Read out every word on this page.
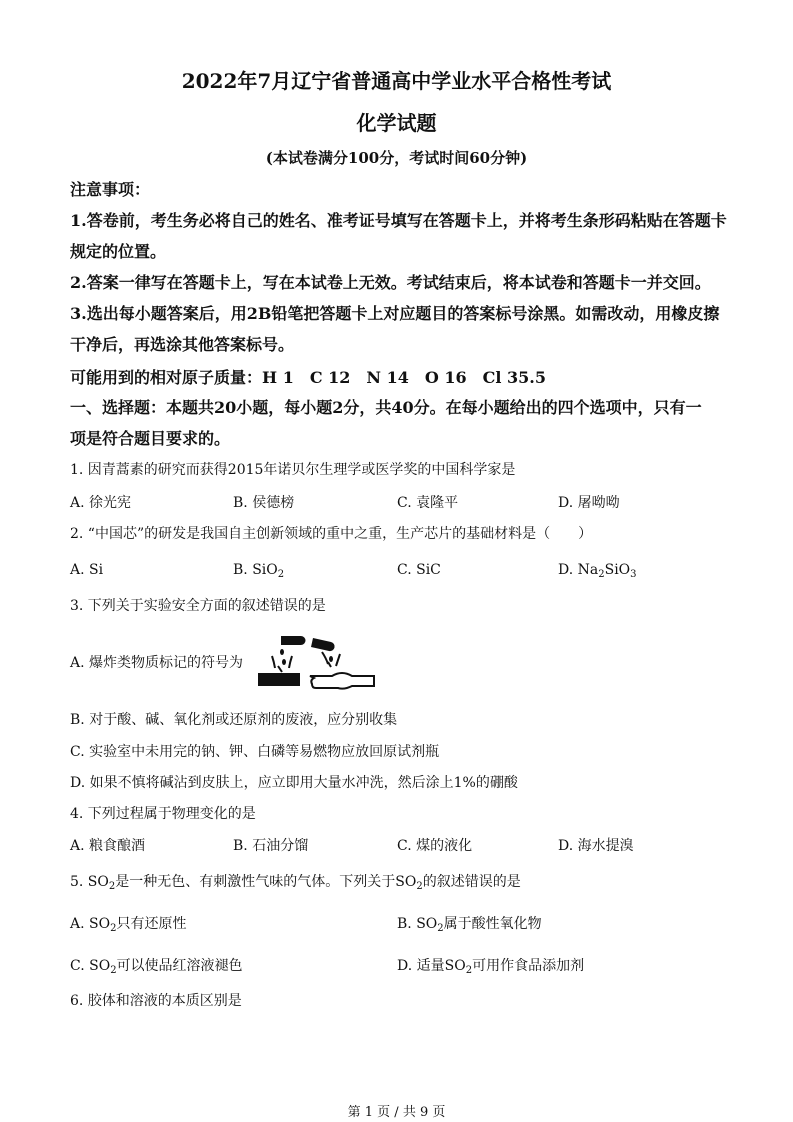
2022年7月辽宁省普通高中学业水平合格性考试
化学试题
(本试卷满分100分，考试时间60分钟)
注意事项：
1.答卷前，考生务必将自己的姓名、准考证号填写在答题卡上，并将考生条形码粘贴在答题卡
规定的位置。
2.答案一律写在答题卡上，写在本试卷上无效。考试结束后，将本试卷和答题卡一并交回。
3.选出每小题答案后，用2B铅笔把答题卡上对应题目的答案标号涂黑。如需改动，用橡皮擦
干净后，再选涂其他答案标号。
可能用到的相对原子质量：H 1　C 12　N 14　O 16　Cl 35.5
一、选择题：本题共20小题，每小题2分，共40分。在每小题给出的四个选项中，只有一
项是符合题目要求的。
1. 因青蒿素的研究而获得2015年诺贝尔生理学或医学奖的中国科学家是
A. 徐光宪	B. 侯德榜	C. 袁隆平	D. 屠呦呦
2. “中国芯”的研发是我国自主创新领域的重中之重，生产芯片的基础材料是（　　）
A. Si	B. SiO$_2$	C. SiC	D. $Na_2SiO_3$
3. 下列关于实验安全方面的叙述错误的是
A. 爆炸类物质标记的符号为
B. 对于酸、碱、氧化剂或还原剂的废液，应分别收集
C. 实验室中未用完的钠、钾、白磷等易燃物应放回原试剂瓶
D. 如果不慎将碱沾到皮肤上，应立即用大量水冲洗，然后涂上1%的硼酸
4. 下列过程属于物理变化的是
A. 粮食酿酒	B. 石油分馏	C. 煤的液化	D. 海水提溴
5. $SO_2$是一种无色、有刺激性气味的气体。下列关于$SO_2$的叙述错误的是
A. $SO_2$只有还原性	B. $SO_2$属于酸性氧化物
C. $SO_2$可以使品红溶液褪色	D. 适量$SO_2$可用作食品添加剂
6. 胶体和溶液的本质区别是
第 1 页 / 共 9 页
